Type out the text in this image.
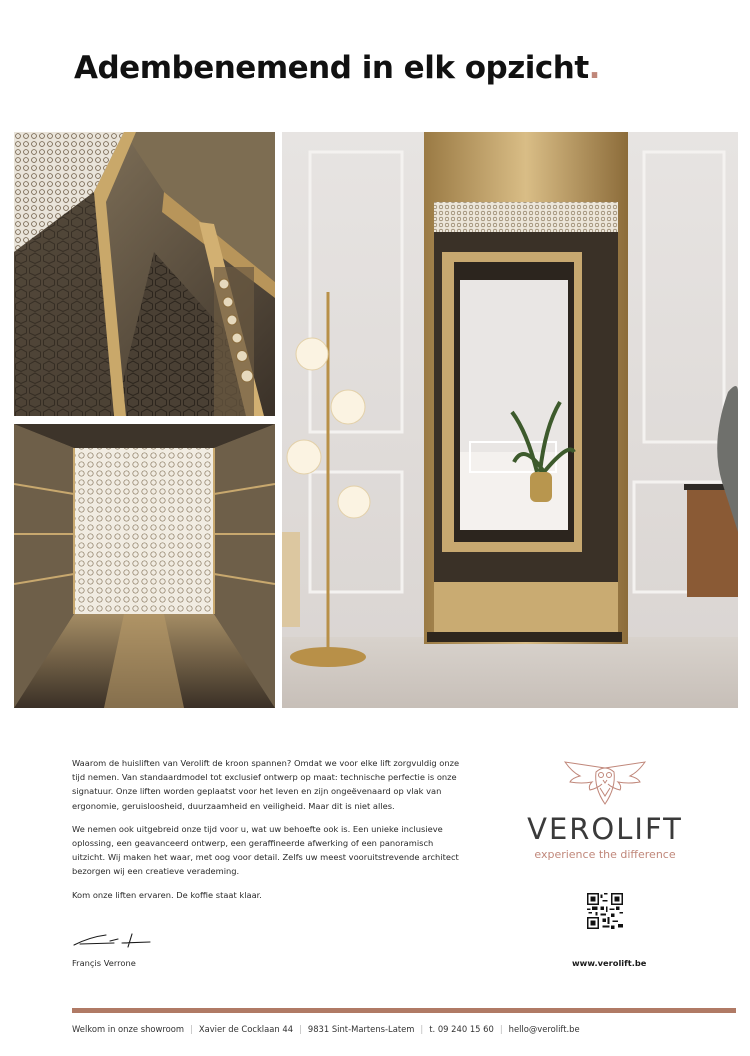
Adembenemend in elk opzicht.

Waarom de huisliften van Verolift de kroon spannen? Omdat we voor elke lift zorgvuldig onze tijd nemen. Van standaardmodel tot exclusief ontwerp op maat: technische perfectie is onze signatuur. Onze liften worden geplaatst voor het leven en zijn ongeëvenaard op vlak van ergonomie, geruisloosheid, duurzaamheid en veiligheid. Maar dit is niet alles.

We nemen ook uitgebreid onze tijd voor u, wat uw behoefte ook is. Een unieke inclusieve oplossing, een geavanceerd ontwerp, een geraffineerde afwerking of een panoramisch uitzicht. Wij maken het waar, met oog voor detail. Zelfs uw meest vooruitstrevende architect bezorgen wij een creatieve verademing.

Kom onze liften ervaren. De koffie staat klaar.

Françis Verrone
VEROLIFT
experience the difference
www.verolift.be
Welkom in onze showroom | Xavier de Cocklaan 44 | 9831 Sint-Martens-Latem | t. 09 240 15 60 | hello@verolift.be
